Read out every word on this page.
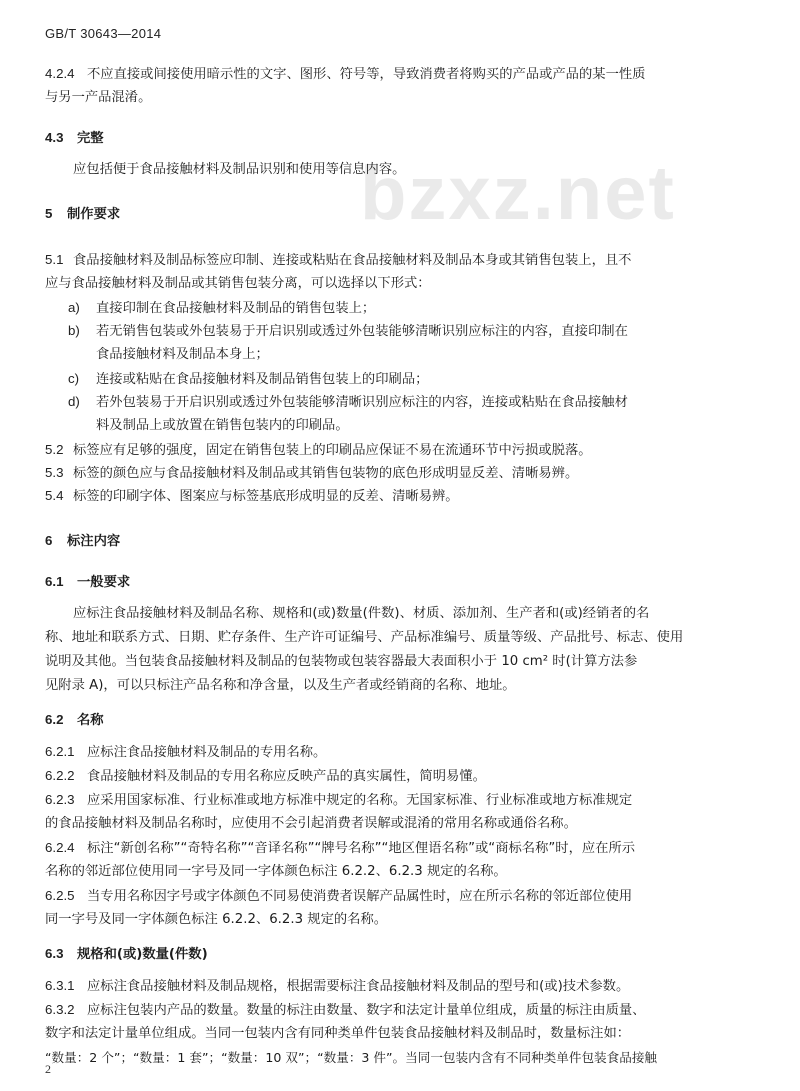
GB/T 30643—2014
bzxz.net
4.2.4 不应直接或间接使用暗示性的文字、图形、符号等，导致消费者将购买的产品或产品的某一性质
与另一产品混淆。
4.3 完整
应包括便于食品接触材料及制品识别和使用等信息内容。
5 制作要求
5.1 食品接触材料及制品标签应印制、连接或粘贴在食品接触材料及制品本身或其销售包装上，且不
应与食品接触材料及制品或其销售包装分离，可以选择以下形式：
a) 直接印制在食品接触材料及制品的销售包装上；
b) 若无销售包装或外包装易于开启识别或透过外包装能够清晰识别应标注的内容，直接印制在
食品接触材料及制品本身上；
c) 连接或粘贴在食品接触材料及制品销售包装上的印刷品；
d) 若外包装易于开启识别或透过外包装能够清晰识别应标注的内容，连接或粘贴在食品接触材
料及制品上或放置在销售包装内的印刷品。
5.2 标签应有足够的强度，固定在销售包装上的印刷品应保证不易在流通环节中污损或脱落。
5.3 标签的颜色应与食品接触材料及制品或其销售包装物的底色形成明显反差、清晰易辨。
5.4 标签的印刷字体、图案应与标签基底形成明显的反差、清晰易辨。
6 标注内容
6.1 一般要求
应标注食品接触材料及制品名称、规格和(或)数量(件数)、材质、添加剂、生产者和(或)经销者的名
称、地址和联系方式、日期、贮存条件、生产许可证编号、产品标准编号、质量等级、产品批号、标志、使用
说明及其他。当包装食品接触材料及制品的包装物或包装容器最大表面积小于 10 cm² 时(计算方法参
见附录 A)，可以只标注产品名称和净含量，以及生产者或经销商的名称、地址。
6.2 名称
6.2.1 应标注食品接触材料及制品的专用名称。
6.2.2 食品接触材料及制品的专用名称应反映产品的真实属性，简明易懂。
6.2.3 应采用国家标准、行业标准或地方标准中规定的名称。无国家标准、行业标准或地方标准规定
的食品接触材料及制品名称时，应使用不会引起消费者误解或混淆的常用名称或通俗名称。
6.2.4 标注“新创名称”“奇特名称”“音译名称”“牌号名称”“地区俚语名称”或“商标名称”时，应在所示
名称的邻近部位使用同一字号及同一字体颜色标注 6.2.2、6.2.3 规定的名称。
6.2.5 当专用名称因字号或字体颜色不同易使消费者误解产品属性时，应在所示名称的邻近部位使用
同一字号及同一字体颜色标注 6.2.2、6.2.3 规定的名称。
6.3 规格和(或)数量(件数)
6.3.1 应标注食品接触材料及制品规格，根据需要标注食品接触材料及制品的型号和(或)技术参数。
6.3.2 应标注包装内产品的数量。数量的标注由数量、数字和法定计量单位组成，质量的标注由质量、
数字和法定计量单位组成。当同一包装内含有同种类单件包装食品接触材料及制品时，数量标注如：
“数量：2 个”；“数量：1 套”；“数量：10 双”；“数量：3 件”。当同一包装内含有不同种类单件包装食品接触
2
